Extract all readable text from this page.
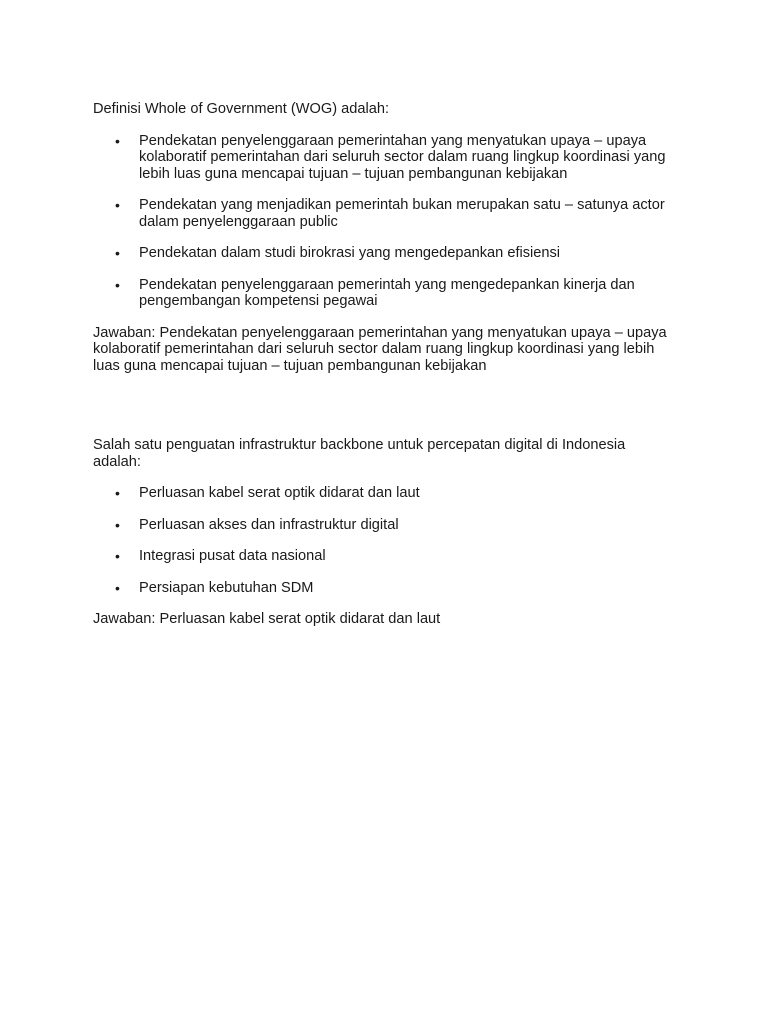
Definisi Whole of Government (WOG) adalah:

• Pendekatan penyelenggaraan pemerintahan yang menyatukan upaya – upaya kolaboratif pemerintahan dari seluruh sector dalam ruang lingkup koordinasi yang lebih luas guna mencapai tujuan – tujuan pembangunan kebijakan
• Pendekatan yang menjadikan pemerintah bukan merupakan satu – satunya actor dalam penyelenggaraan public
• Pendekatan dalam studi birokrasi yang mengedepankan efisiensi
• Pendekatan penyelenggaraan pemerintah yang mengedepankan kinerja dan pengembangan kompetensi pegawai

Jawaban: Pendekatan penyelenggaraan pemerintahan yang menyatukan upaya – upaya kolaboratif pemerintahan dari seluruh sector dalam ruang lingkup koordinasi yang lebih luas guna mencapai tujuan – tujuan pembangunan kebijakan

Salah satu penguatan infrastruktur backbone untuk percepatan digital di Indonesia adalah:

• Perluasan kabel serat optik didarat dan laut
• Perluasan akses dan infrastruktur digital
• Integrasi pusat data nasional
• Persiapan kebutuhan SDM

Jawaban: Perluasan kabel serat optik didarat dan laut
